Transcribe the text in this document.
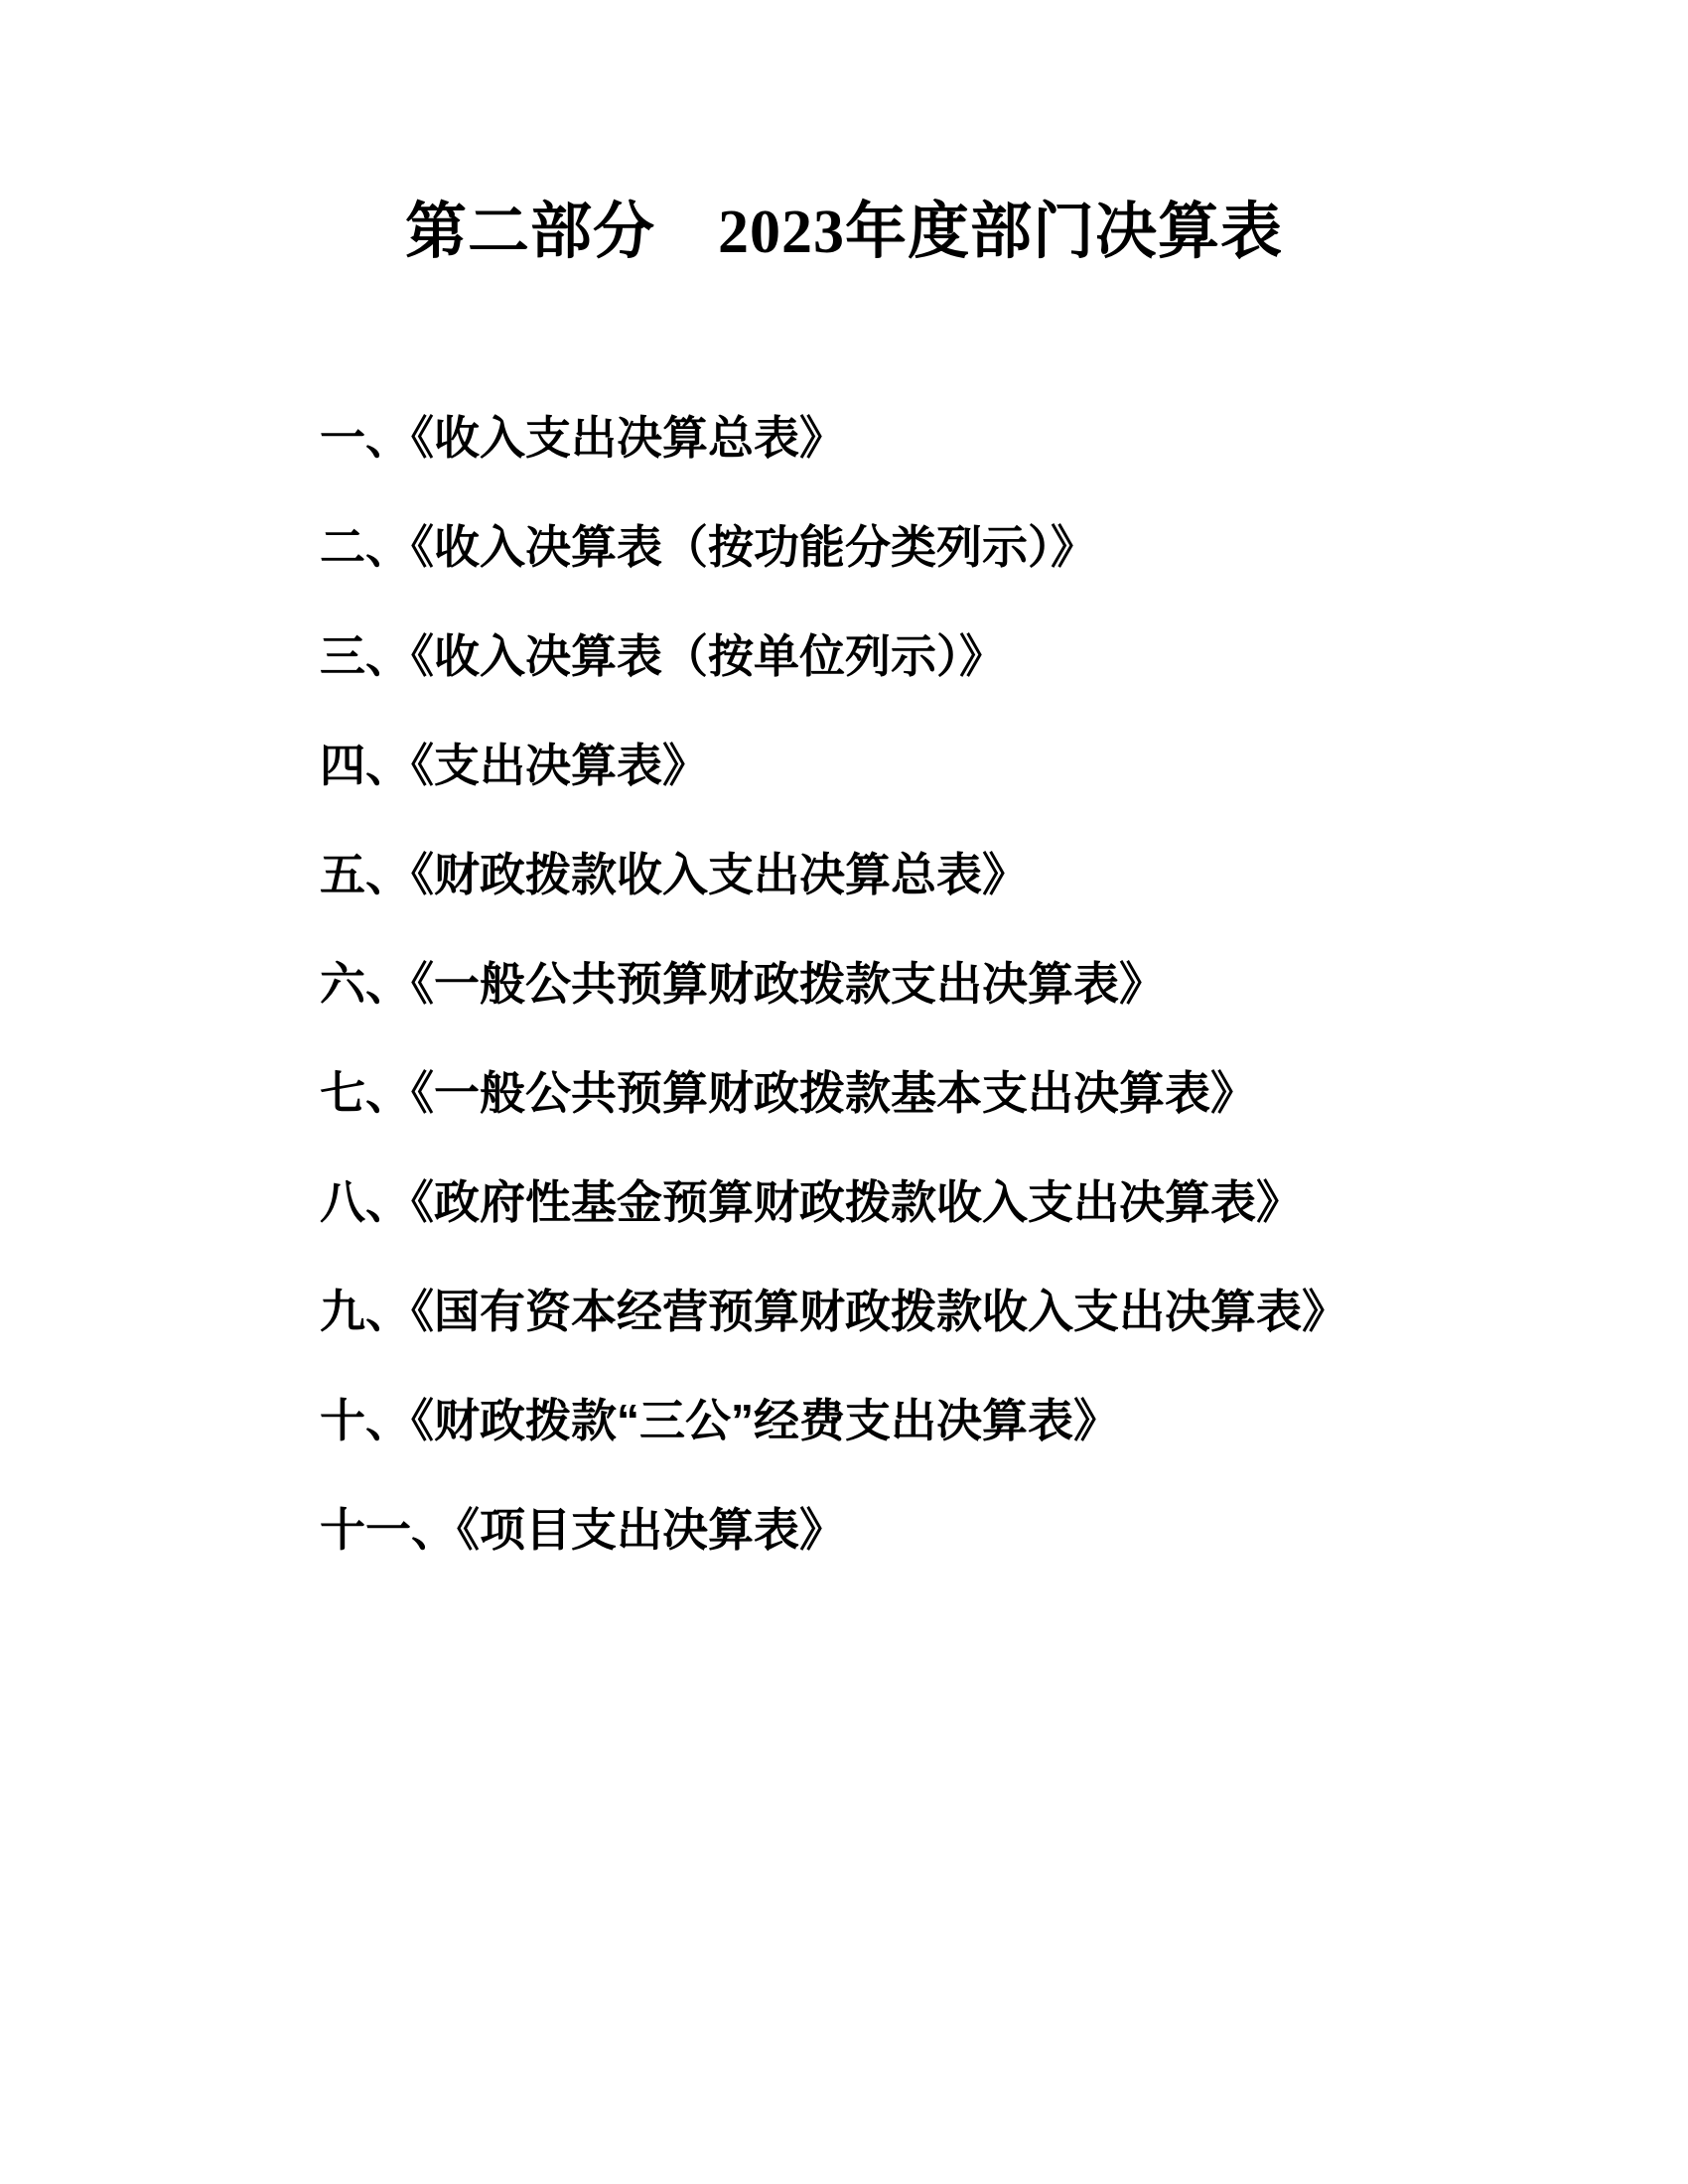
第二部分　2023年度部门决算表
一、《收入支出决算总表》
二、《收入决算表（按功能分类列示）》
三、《收入决算表（按单位列示）》
四、《支出决算表》
五、《财政拨款收入支出决算总表》
六、《一般公共预算财政拨款支出决算表》
七、《一般公共预算财政拨款基本支出决算表》
八、《政府性基金预算财政拨款收入支出决算表》
九、《国有资本经营预算财政拨款收入支出决算表》
十、《财政拨款“三公”经费支出决算表》
十一、《项目支出决算表》
